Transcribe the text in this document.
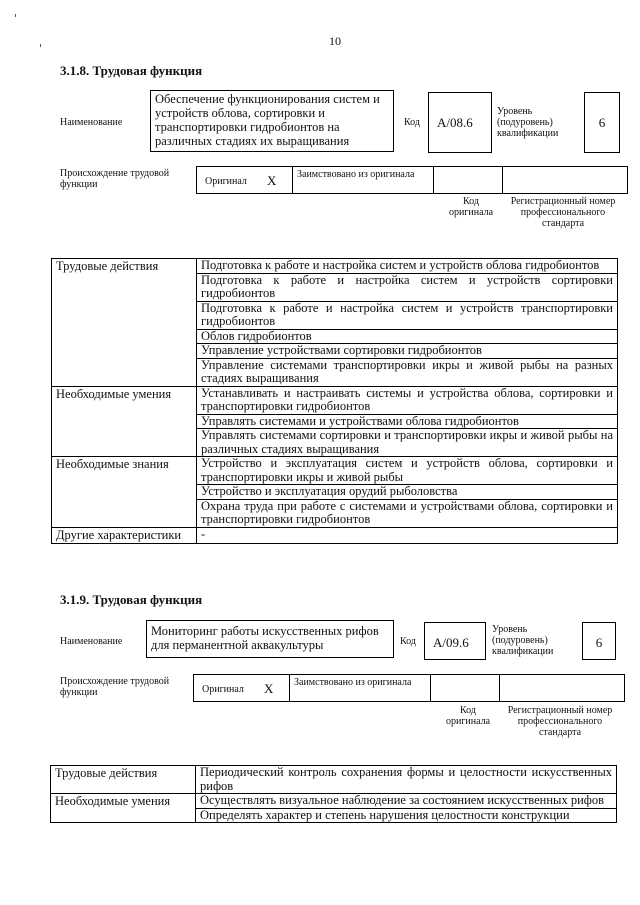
10
3.1.8. Трудовая функция
Наименование
Обеспечение функционирования систем и устройств облова, сортировки и транспортировки гидробионтов на различных стадиях их выращивания
Код	A/08.6
Уровень (подуровень) квалификации
6
Происхождение трудовой функции	Оригинал X Заимствовано из оригинала
Код оригинала
Регистрационный номер профессионального стандарта
Трудовые действия	Подготовка к работе и настройка систем и устройств облова гидробионтов
	Подготовка к работе и настройка систем и устройств сортировки гидробионтов
	Подготовка к работе и настройка систем и устройств транспортировки гидробионтов
	Облов гидробионтов
	Управление устройствами сортировки гидробионтов
	Управление системами транспортировки икры и живой рыбы на разных стадиях выращивания
Необходимые умения	Устанавливать и настраивать системы и устройства облова, сортировки и транспортировки гидробионтов
	Управлять системами и устройствами облова гидробионтов
	Управлять системами сортировки и транспортировки икры и живой рыбы на различных стадиях выращивания
Необходимые знания	Устройство и эксплуатация систем и устройств облова, сортировки и транспортировки икры и живой рыбы
	Устройство и эксплуатация орудий рыболовства
	Охрана труда при работе с системами и устройствами облова, сортировки и транспортировки гидробионтов
Другие характеристики	-
3.1.9. Трудовая функция
Наименование
Мониторинг работы искусственных рифов для перманентной аквакультуры	Код	A/09.6
Уровень (подуровень) квалификации
6
Происхождение трудовой функции	Оригинал X Заимствовано из оригинала
Код оригинала
Регистрационный номер профессионального стандарта
Трудовые действия	Периодический контроль сохранения формы и целостности искусственных рифов
Необходимые умения	Осуществлять визуальное наблюдение за состоянием искусственных рифов
	Определять характер и степень нарушения целостности конструкции
